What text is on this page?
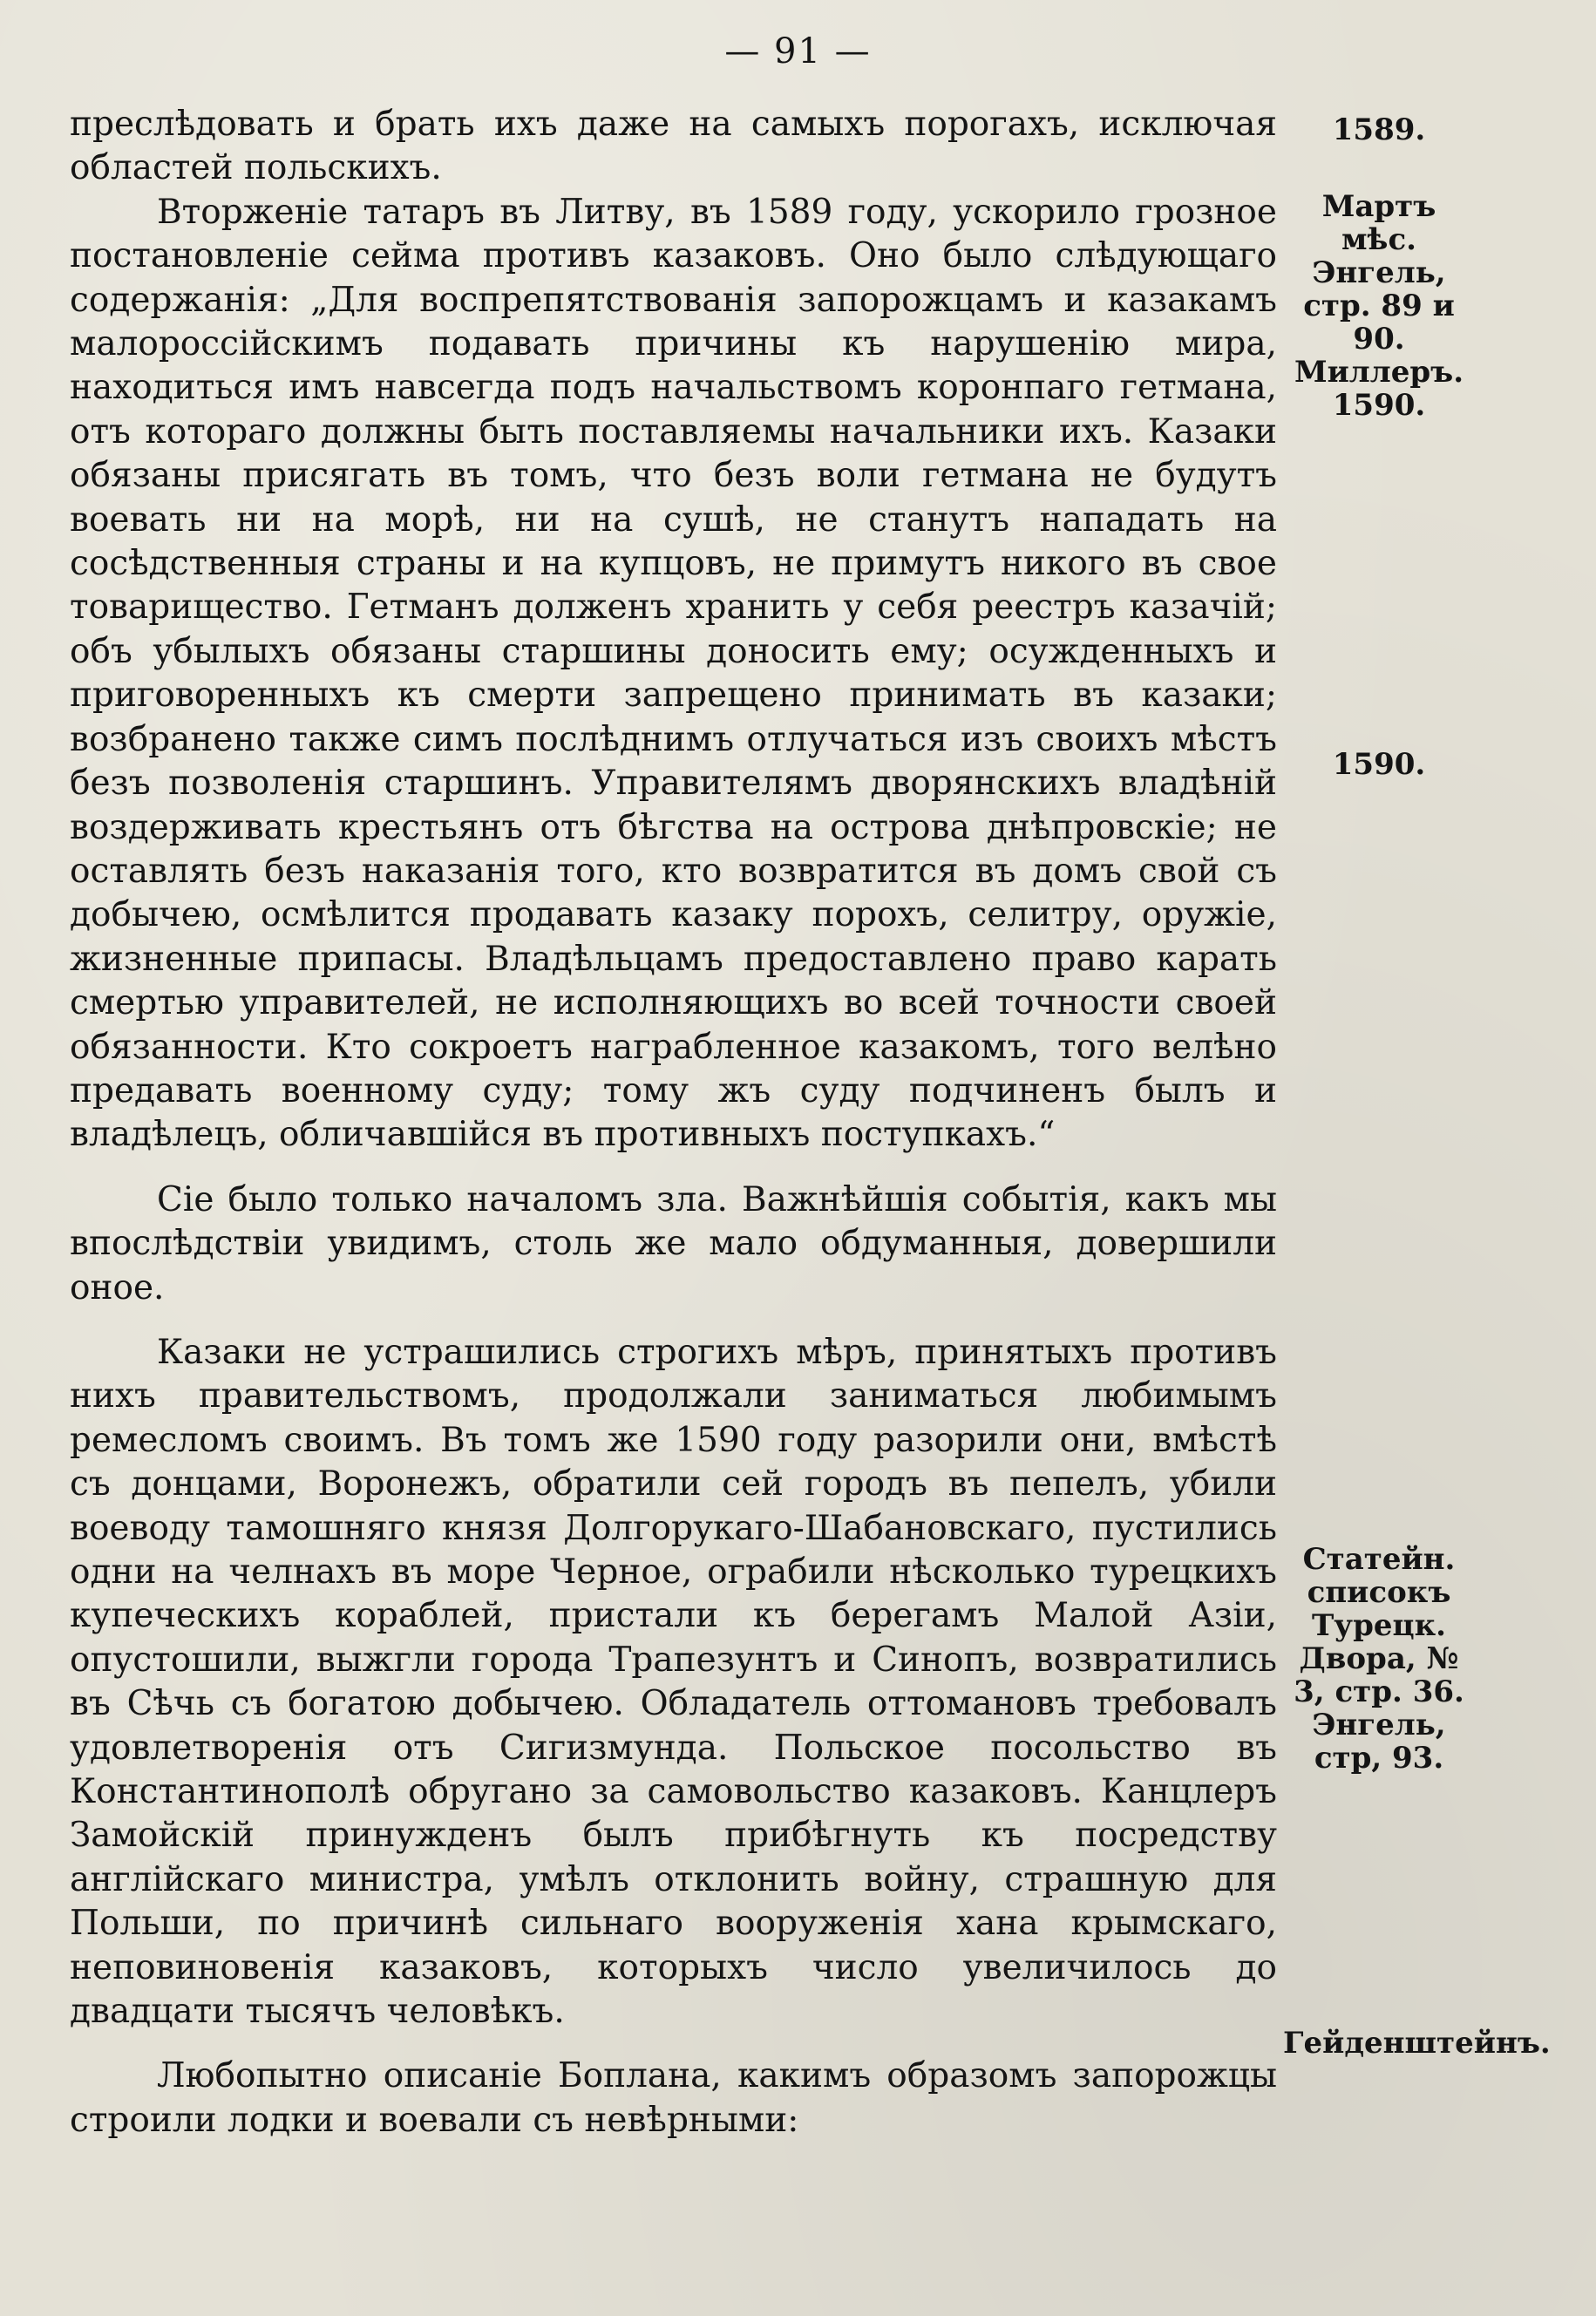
— 91 —

преслѣдовать и брать ихъ даже на самыхъ порогахъ, исключая областей польскихъ.

Вторженіе татаръ въ Литву, въ 1589 году, ускорило грозное постановленіе сейма противъ казаковъ. Оно было слѣдующаго содержанія: „Для воспрепятствованія запорожцамъ и казакамъ малороссійскимъ подавать причины къ нарушенію мира, находиться имъ навсегда подъ начальствомъ коронпаго гетмана, отъ котораго должны быть поставляемы начальники ихъ. Казаки обязаны присягать въ томъ, что безъ воли гетмана не будутъ воевать ни на морѣ, ни на сушѣ, не станутъ нападать на сосѣдственныя страны и на купцовъ, не примутъ никого въ свое товарищество. Гетманъ долженъ хранить у себя реестръ казачій; объ убылыхъ обязаны старшины доносить ему; осужденныхъ и приговоренныхъ къ смерти запрещено принимать въ казаки; возбранено также симъ послѣднимъ отлучаться изъ своихъ мѣстъ безъ позволенія старшинъ. Управителямъ дворянскихъ владѣній воздерживать крестьянъ отъ бѣгства на острова днѣпровскіе; не оставлять безъ наказанія того, кто возвратится въ домъ свой съ добычею, осмѣлится продавать казаку порохъ, селитру, оружіе, жизненные припасы. Владѣльцамъ предоставлено право карать смертью управителей, не исполняющихъ во всей точности своей обязанности. Кто сокроетъ награбленное казакомъ, того велѣно предавать военному суду; тому жъ суду подчиненъ былъ и владѣлецъ, обличавшійся въ противныхъ поступкахъ.“

Сіе было только началомъ зла. Важнѣйшія событія, какъ мы впослѣдствіи увидимъ, столь же мало обдуманныя, довершили оное.

Казаки не устрашились строгихъ мѣръ, принятыхъ противъ нихъ правительствомъ, продолжали заниматься любимымъ ремесломъ своимъ. Въ томъ же 1590 году разорили они, вмѣстѣ съ донцами, Воронежъ, обратили сей городъ въ пепелъ, убили воеводу тамошняго князя Долгорукаго-Шабановскаго, пустились одни на челнахъ въ море Черное, ограбили нѣсколько турецкихъ купеческихъ кораблей, пристали къ берегамъ Малой Азіи, опустошили, выжгли города Трапезунтъ и Синопъ, возвратились въ Сѣчь съ богатою добычею. Обладатель оттомановъ требовалъ удовлетворенія отъ Сигизмунда. Польское посольство въ Константинополѣ обругано за самовольство казаковъ. Канцлеръ Замойскій принужденъ былъ прибѣгнуть къ посредству англійскаго министра, умѣлъ отклонить войну, страшную для Польши, по причинѣ сильнаго вооруженія хана крымскаго, неповиновенія казаковъ, которыхъ число увеличилось до двадцати тысячъ человѣкъ.

Любопытно описаніе Боплана, какимъ образомъ запорожцы строили лодки и воевали съ невѣрными:

1589.
Мартъ мѣс. Энгель, стр. 89 и 90. Миллеръ. 1590.
1590.
Статейн. списокъ Турецк. Двора, № 3, стр. 36. Энгель, стр, 93.
Гейденштейнъ.
